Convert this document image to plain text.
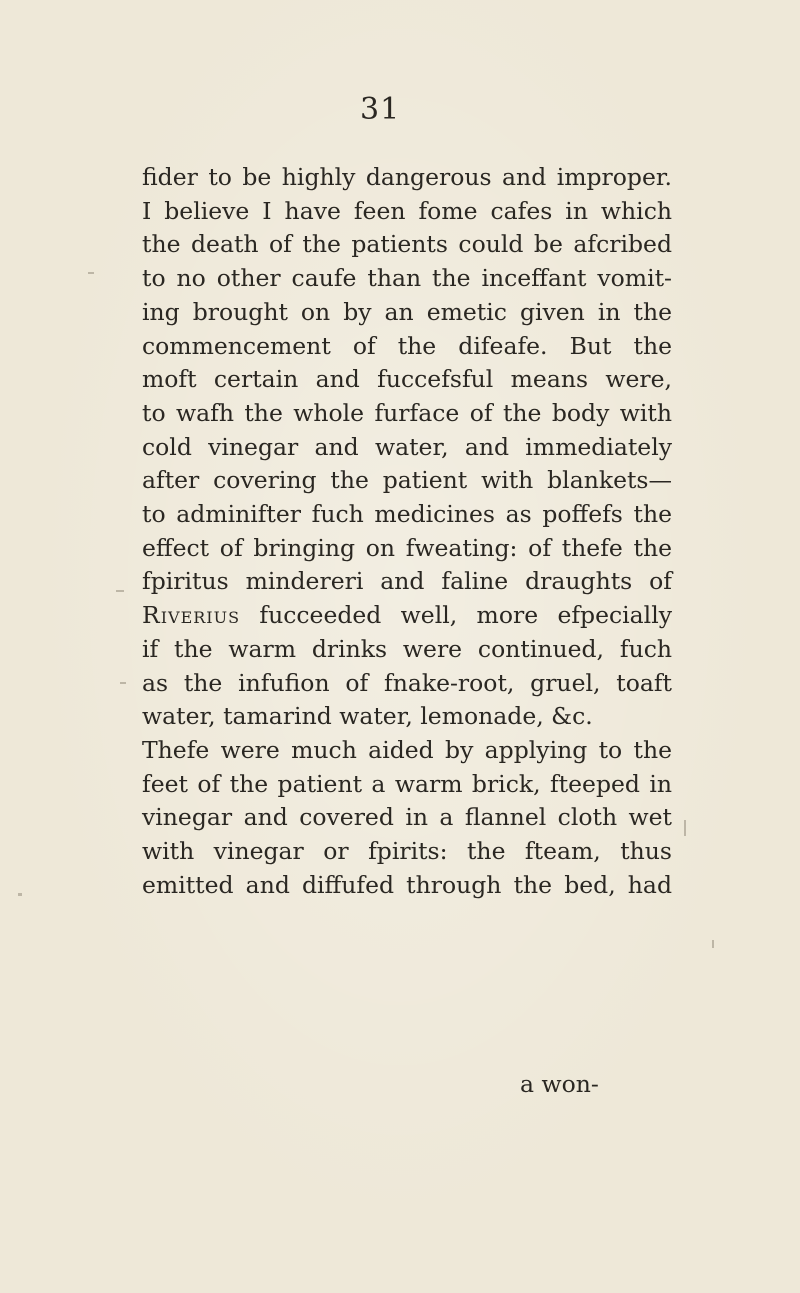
31
fider to be highly dangerous and improper.
I believe I have feen fome cafes in which
the death of the patients could be afcribed
to no other caufe than the inceffant vomit-
ing brought on by an emetic given in the
commencement of the difeafe. But the
moft certain and fuccefsful means were,
to wafh the whole furface of the body with
cold vinegar and water, and immediately
after covering the patient with blankets—
to adminifter fuch medicines as poffefs the
effect of bringing on fweating: of thefe the
fpiritus mindereri and faline draughts of
Riverius fucceeded well, more efpecially
if the warm drinks were continued, fuch
as the infufion of fnake-root, gruel, toaft
water, tamarind water, lemonade, &c.
Thefe were much aided by applying to the
feet of the patient a warm brick, fteeped in
vinegar and covered in a flannel cloth wet
with vinegar or fpirits: the fteam, thus
emitted and diffufed through the bed, had
a won-
